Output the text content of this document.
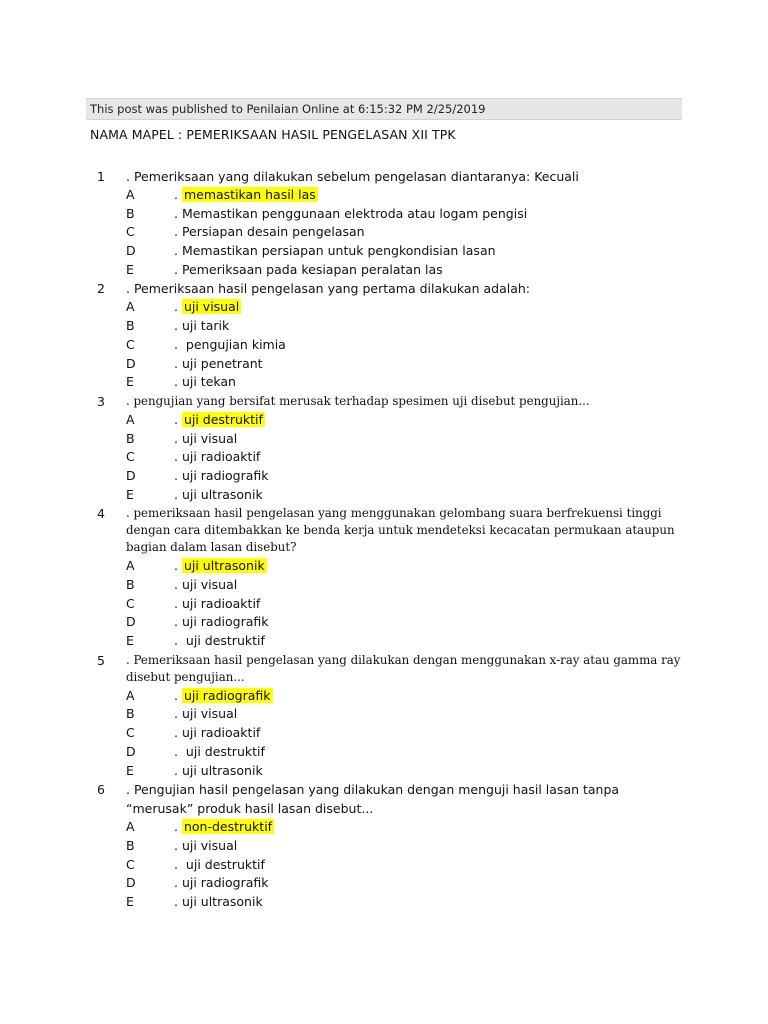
This post was published to Penilaian Online at 6:15:32 PM 2/25/2019
NAMA MAPEL : PEMERIKSAAN HASIL PENGELASAN XII TPK
1 . Pemeriksaan yang dilakukan sebelum pengelasan diantaranya: Kecuali
A	. memastikan hasil las
B	. Memastikan penggunaan elektroda atau logam pengisi
C	. Persiapan desain pengelasan
D	. Memastikan persiapan untuk pengkondisian lasan
E	. Pemeriksaan pada kesiapan peralatan las
2 . Pemeriksaan hasil pengelasan yang pertama dilakukan adalah:
A	. uji visual
B	. uji tarik
C	.  pengujian kimia
D	. uji penetrant
E	. uji tekan
3 . pengujian yang bersifat merusak terhadap spesimen uji disebut pengujian...
A	. uji destruktif
B	. uji visual
C	. uji radioaktif
D	. uji radiografik
E	. uji ultrasonik
4 . pemeriksaan hasil pengelasan yang menggunakan gelombang suara berfrekuensi tinggi dengan cara ditembakkan ke benda kerja untuk mendeteksi kecacatan permukaan ataupun bagian dalam lasan disebut?
A	. uji ultrasonik
B	. uji visual
C	. uji radioaktif
D	. uji radiografik
E	.  uji destruktif
5 . Pemeriksaan hasil pengelasan yang dilakukan dengan menggunakan x-ray atau gamma ray disebut pengujian...
A	. uji radiografik
B	. uji visual
C	. uji radioaktif
D	.  uji destruktif
E	. uji ultrasonik
6 . Pengujian hasil pengelasan yang dilakukan dengan menguji hasil lasan tanpa “merusak” produk hasil lasan disebut...
A	. non-destruktif
B	. uji visual
C	.  uji destruktif
D	. uji radiografik
E	. uji ultrasonik
